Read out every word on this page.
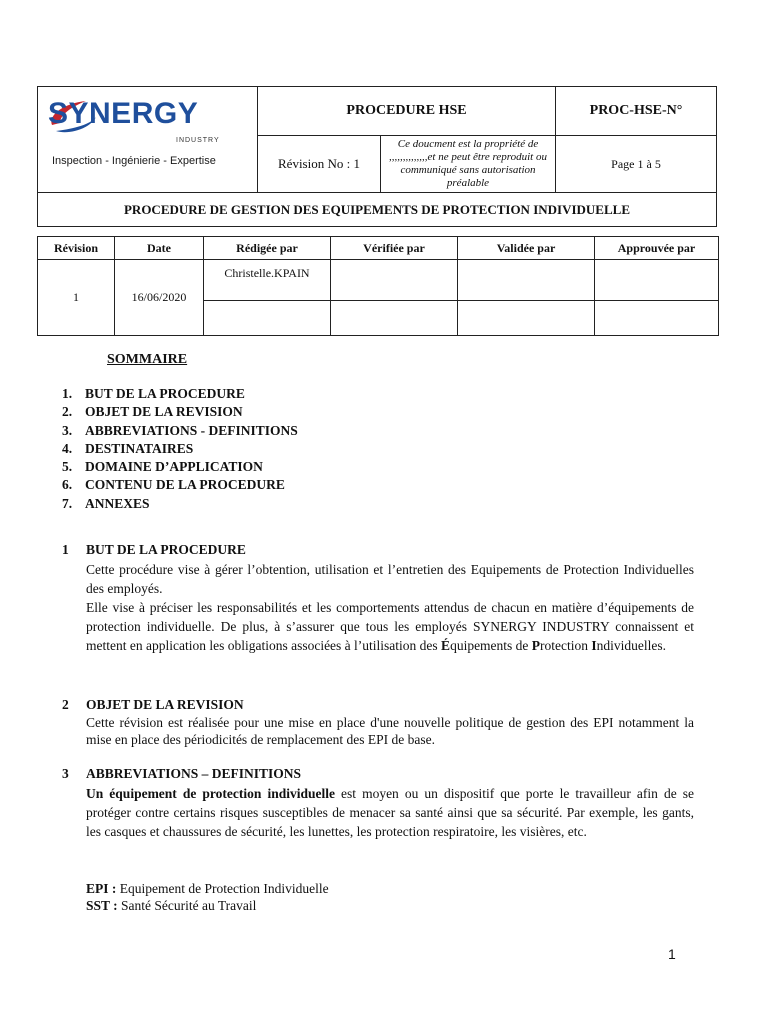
SYNERGY
INDUSTRY
Inspection - Ingénierie - Expertise	PROCEDURE HSE		PROC-HSE-N°
	Révision No : 1	Ce doucment est la propriété de ,,,,,,,,,,,,,,et ne peut être reproduit ou communiqué sans autorisation préalable	Page 1 à 5
PROCEDURE DE GESTION DES EQUIPEMENTS DE PROTECTION INDIVIDUELLE			
Révision	Date	Rédigée par	Vérifiée par	Validée par	Approuvée par
1	16/06/2020	Christelle.KPAIN			

SOMMAIRE
1. BUT DE LA PROCEDURE
2. OBJET DE LA REVISION
3. ABBREVIATIONS - DEFINITIONS
4. DESTINATAIRES
5. DOMAINE D’APPLICATION
6. CONTENU DE LA PROCEDURE
7. ANNEXES
1 BUT DE LA PROCEDURE

Cette procédure vise à gérer l’obtention, utilisation et l’entretien des Equipements de Protection Individuelles des employés.

Elle vise à préciser les responsabilités et les comportements attendus de chacun en matière d’équipements de protection individuelle. De plus, à s’assurer que tous les employés SYNERGY INDUSTRY connaissent et mettent en application les obligations associées à l’utilisation des Équipements de Protection Individuelles.

2 OBJET DE LA REVISION

Cette révision est réalisée pour une mise en place d'une nouvelle politique de gestion des EPI notamment la mise en place des périodicités de remplacement des EPI de base.

3 ABBREVIATIONS – DEFINITIONS

Un équipement de protection individuelle est moyen ou un dispositif que porte le travailleur afin de se protéger contre certains risques susceptibles de menacer sa santé ainsi que sa sécurité. Par exemple, les gants, les casques et chaussures de sécurité, les lunettes, les protection respiratoire, les visières, etc.

EPI : Equipement de Protection Individuelle
SST : Santé Sécurité au Travail
1
